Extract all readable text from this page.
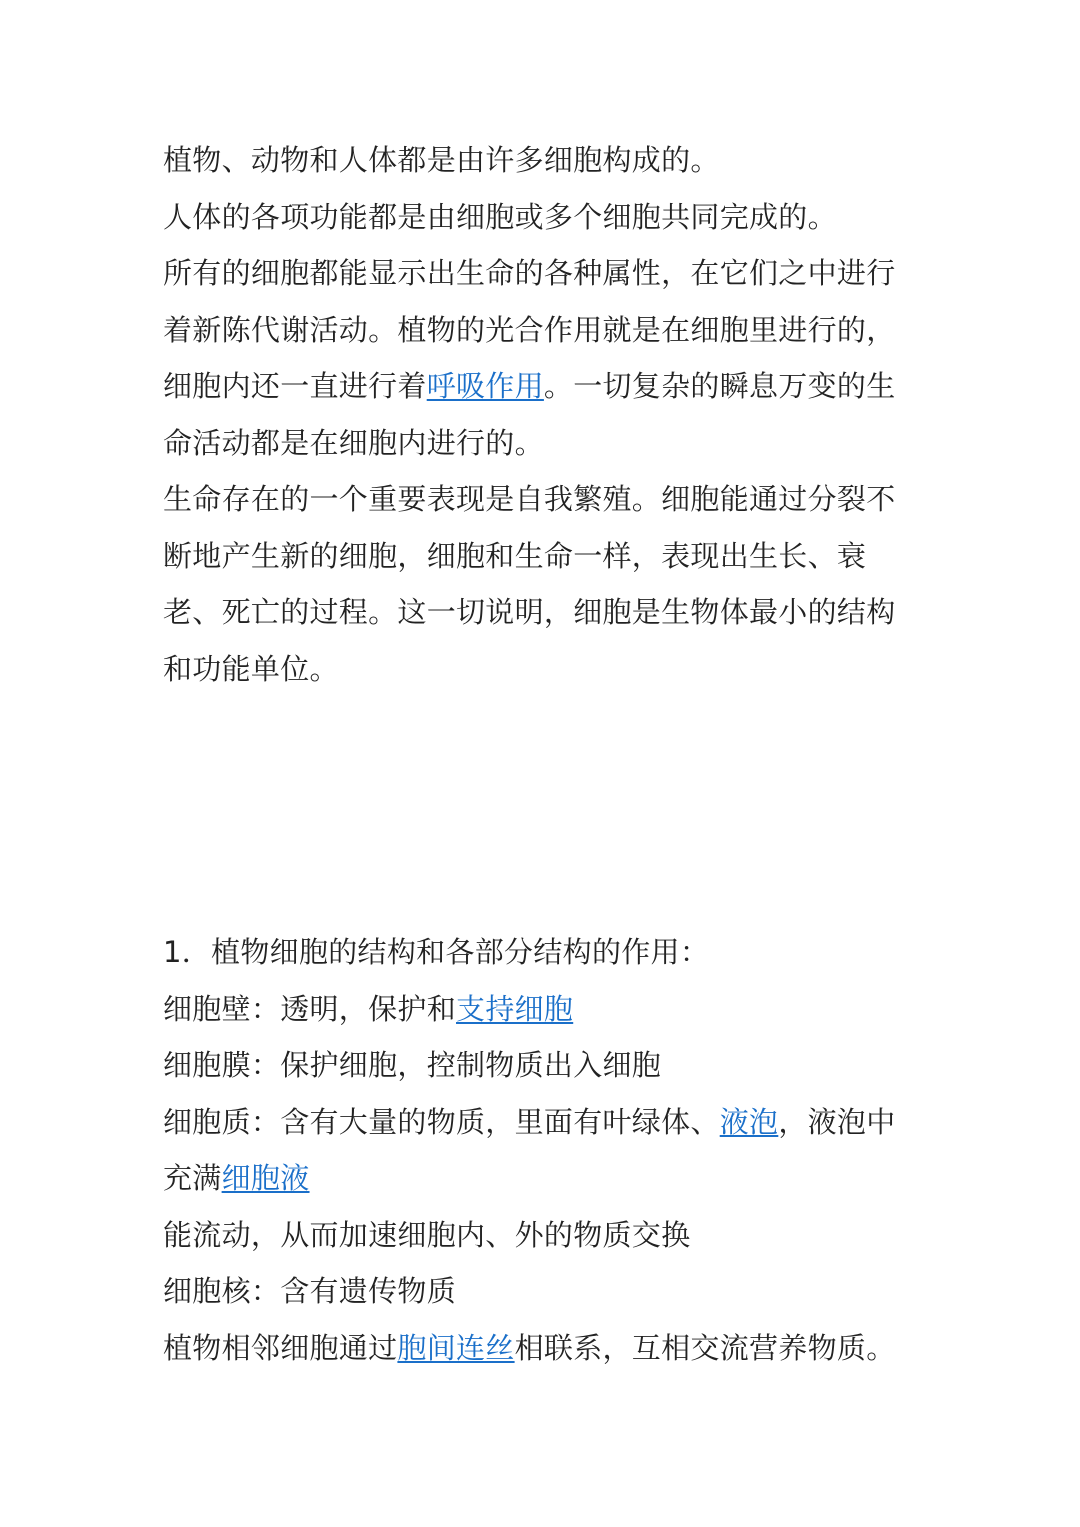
植物、动物和人体都是由许多细胞构成的。

人体的各项功能都是由细胞或多个细胞共同完成的。

所有的细胞都能显示出生命的各种属性，在它们之中进行着新陈代谢活动。植物的光合作用就是在细胞里进行的，细胞内还一直进行着呼吸作用。一切复杂的瞬息万变的生命活动都是在细胞内进行的。

生命存在的一个重要表现是自我繁殖。细胞能通过分裂不断地产生新的细胞，细胞和生命一样，表现出生长、衰老、死亡的过程。这一切说明，细胞是生物体最小的结构和功能单位。

1．植物细胞的结构和各部分结构的作用：

细胞壁：透明，保护和支持细胞

细胞膜：保护细胞，控制物质出入细胞

细胞质：含有大量的物质，里面有叶绿体、液泡，液泡中充满细胞液

能流动，从而加速细胞内、外的物质交换

细胞核：含有遗传物质

植物相邻细胞通过胞间连丝相联系，互相交流营养物质。
